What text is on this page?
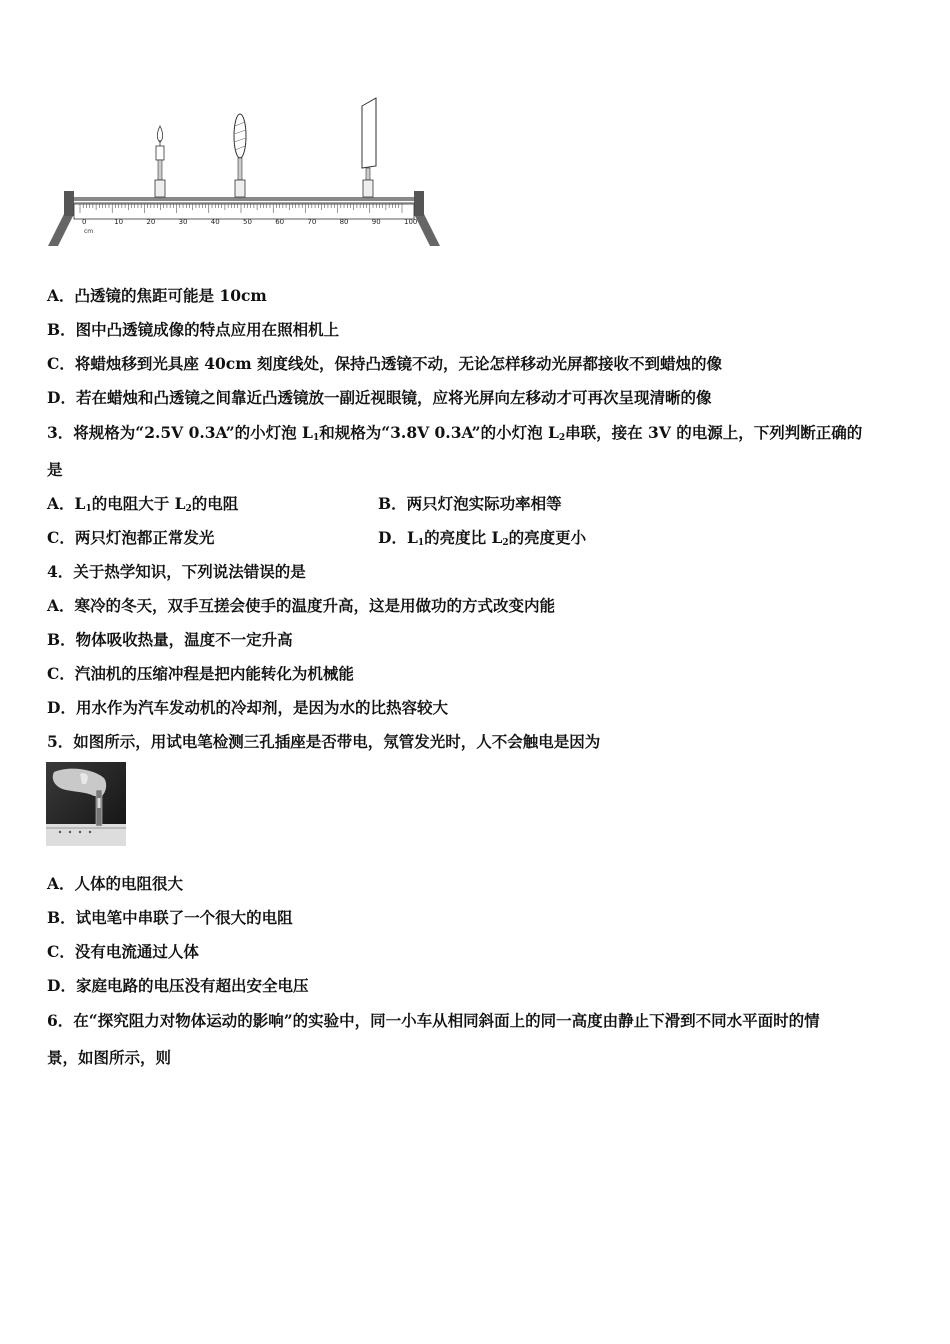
0	10	20	30	40	50	60	70	80	90	100
cm
A．凸透镜的焦距可能是 10cm
B．图中凸透镜成像的特点应用在照相机上
C．将蜡烛移到光具座 40cm 刻度线处，保持凸透镜不动，无论怎样移动光屏都接收不到蜡烛的像
D．若在蜡烛和凸透镜之间靠近凸透镜放一副近视眼镜，应将光屏向左移动才可再次呈现清晰的像
3．将规格为“2.5V 0.3A”的小灯泡 $L_1$和规格为“3.8V 0.3A”的小灯泡 $L_2$串联，接在 3V 的电源上，下列判断正确的
是
A．$L_1$的电阻大于 $L_2$的电阻	B．两只灯泡实际功率相等
C．两只灯泡都正常发光	D．$L_1$的亮度比 $L_2$的亮度更小
4．关于热学知识，下列说法错误的是
A．寒冷的冬天，双手互搓会使手的温度升高，这是用做功的方式改变内能
B．物体吸收热量，温度不一定升高
C．汽油机的压缩冲程是把内能转化为机械能
D．用水作为汽车发动机的冷却剂，是因为水的比热容较大
5．如图所示，用试电笔检测三孔插座是否带电，氖管发光时，人不会触电是因为
A．人体的电阻很大
B．试电笔中串联了一个很大的电阻
C．没有电流通过人体
D．家庭电路的电压没有超出安全电压
6．在“探究阻力对物体运动的影响”的实验中，同一小车从相同斜面上的同一高度由静止下滑到不同水平面时的情
景，如图所示，则
